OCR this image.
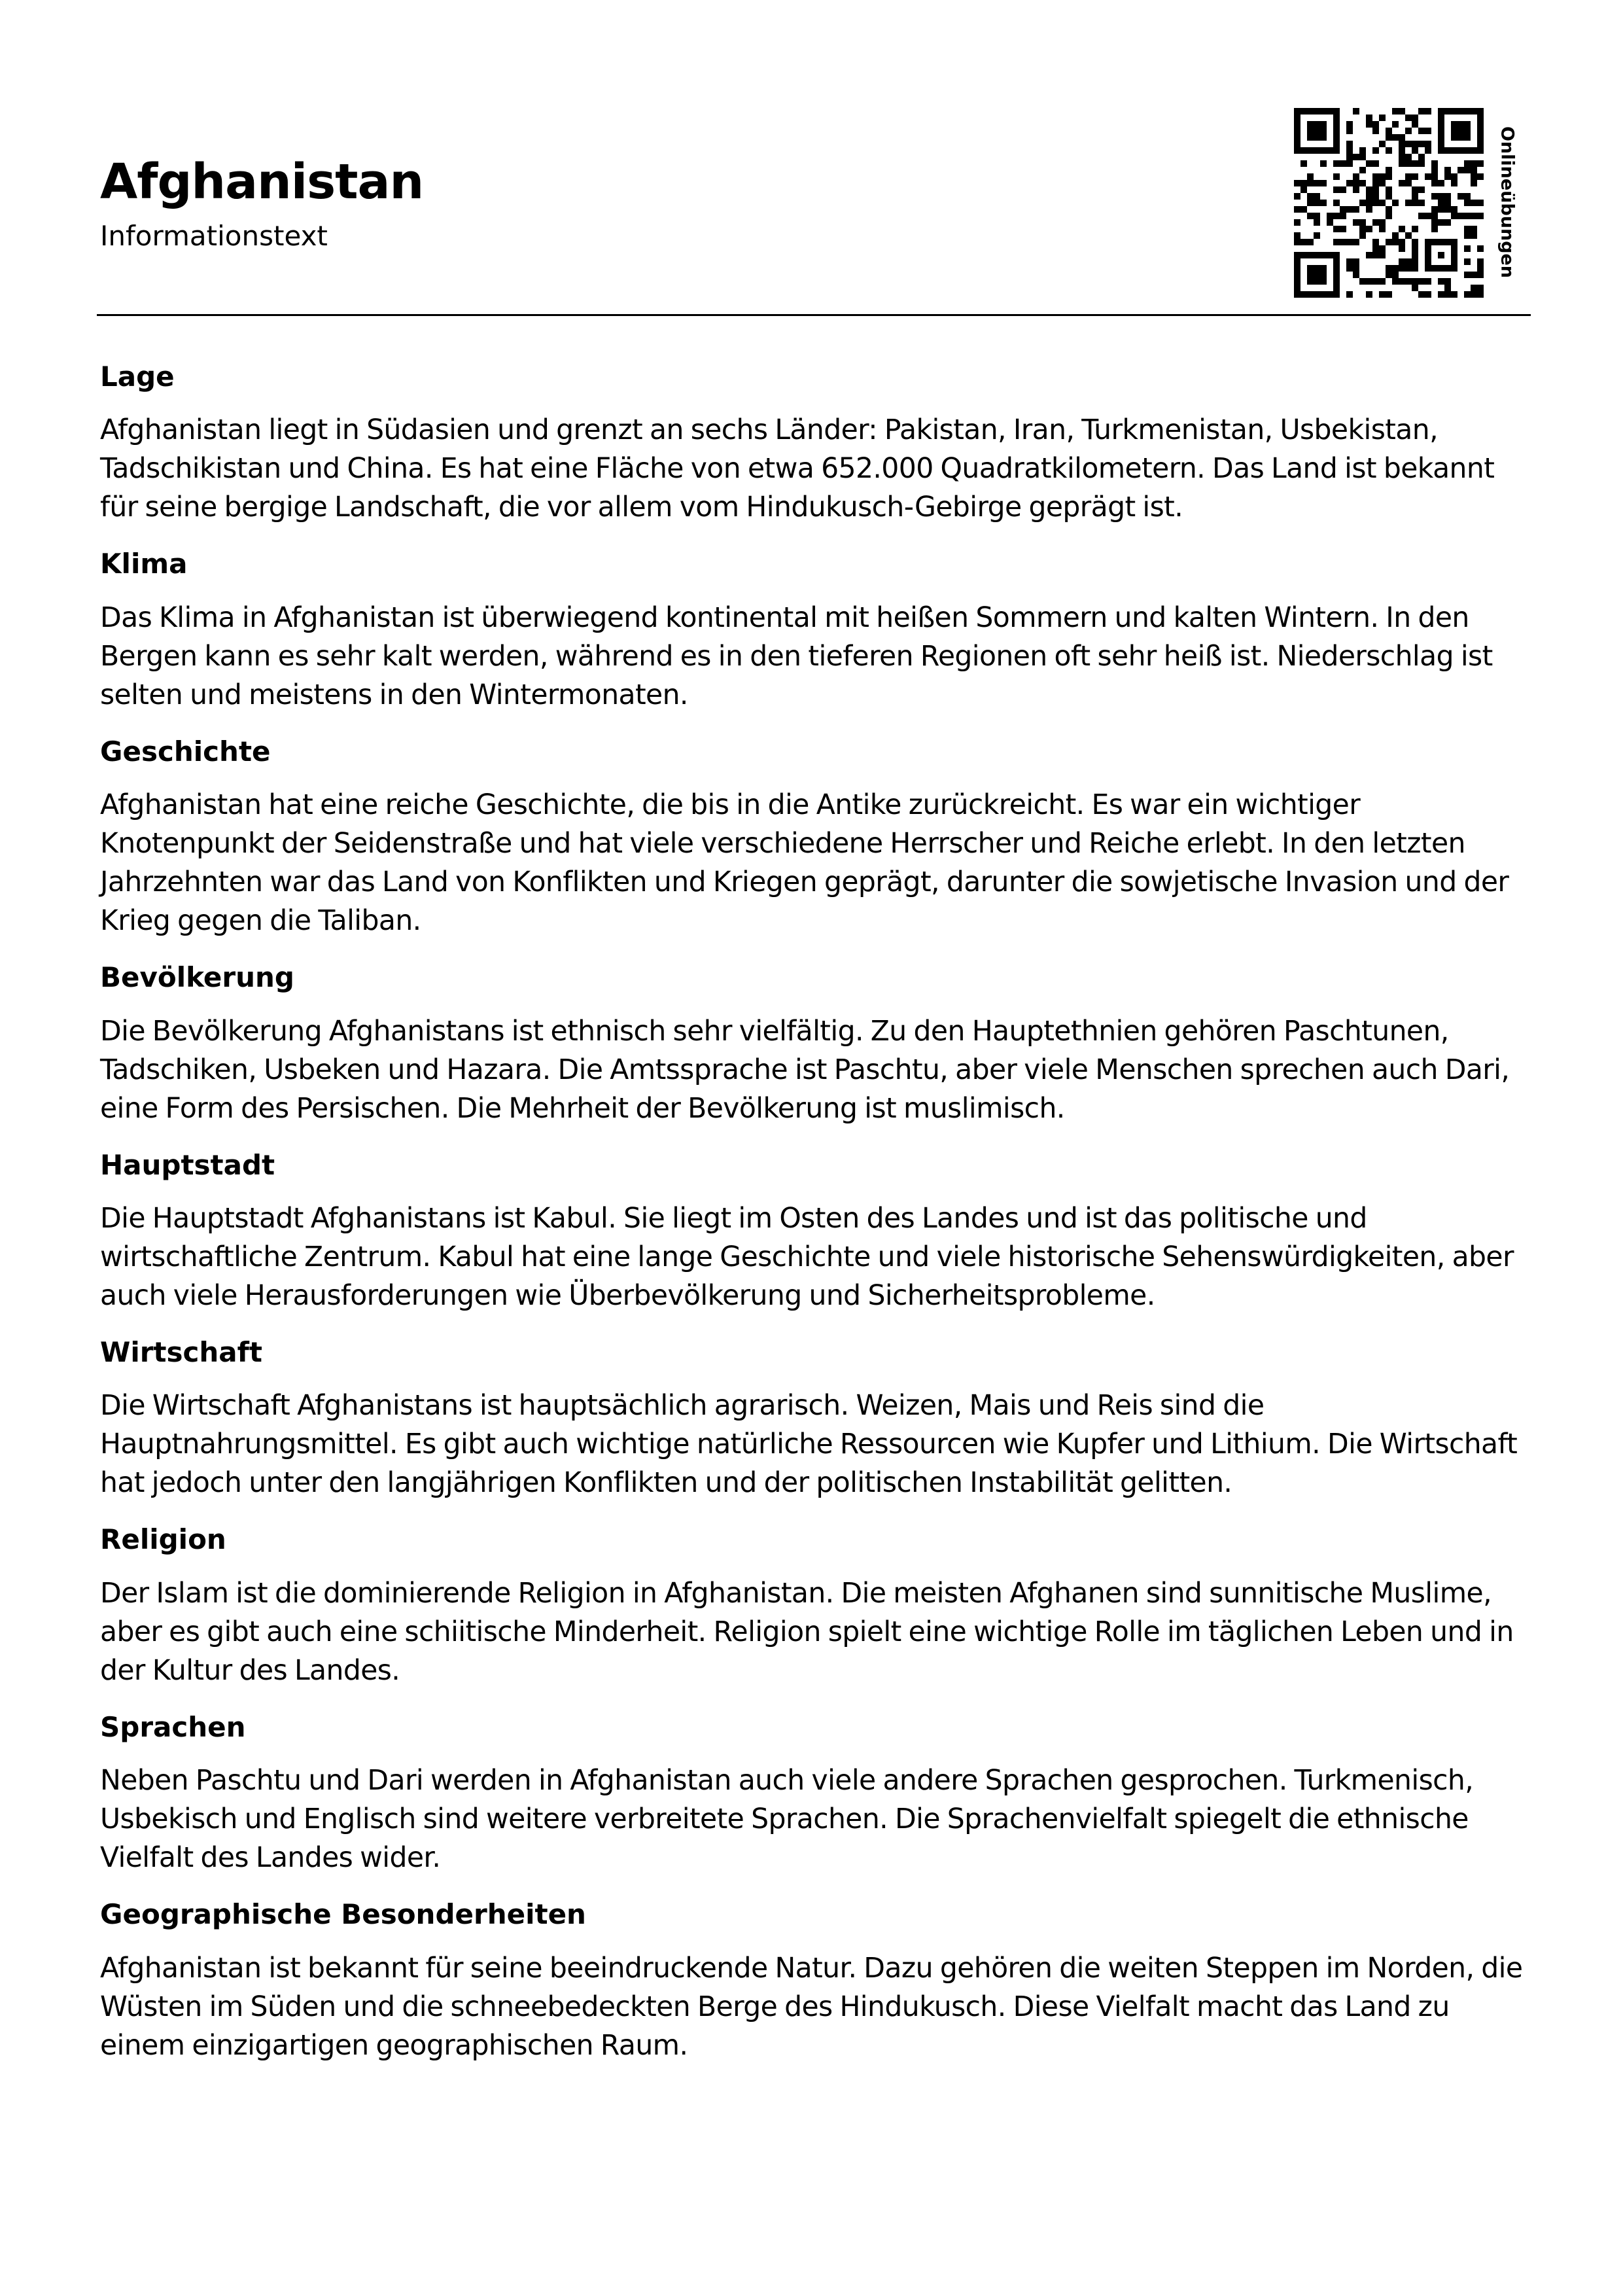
Afghanistan
Informationstext	Onlineübungen
Lage

Afghanistan liegt in Südasien und grenzt an sechs Länder: Pakistan, Iran, Turkmenistan, Usbekistan, Tadschikistan und China. Es hat eine Fläche von etwa 652.000 Quadratkilometern. Das Land ist bekannt für seine bergige Landschaft, die vor allem vom Hindukusch-Gebirge geprägt ist.

Klima

Das Klima in Afghanistan ist überwiegend kontinental mit heißen Sommern und kalten Wintern. In den Bergen kann es sehr kalt werden, während es in den tieferen Regionen oft sehr heiß ist. Niederschlag ist selten und meistens in den Wintermonaten.

Geschichte

Afghanistan hat eine reiche Geschichte, die bis in die Antike zurückreicht. Es war ein wichtiger Knotenpunkt der Seidenstraße und hat viele verschiedene Herrscher und Reiche erlebt. In den letzten Jahrzehnten war das Land von Konflikten und Kriegen geprägt, darunter die sowjetische Invasion und der Krieg gegen die Taliban.

Bevölkerung

Die Bevölkerung Afghanistans ist ethnisch sehr vielfältig. Zu den Hauptethnien gehören Paschtunen, Tadschiken, Usbeken und Hazara. Die Amtssprache ist Paschtu, aber viele Menschen sprechen auch Dari, eine Form des Persischen. Die Mehrheit der Bevölkerung ist muslimisch.

Hauptstadt

Die Hauptstadt Afghanistans ist Kabul. Sie liegt im Osten des Landes und ist das politische und wirtschaftliche Zentrum. Kabul hat eine lange Geschichte und viele historische Sehenswürdigkeiten, aber auch viele Herausforderungen wie Überbevölkerung und Sicherheitsprobleme.

Wirtschaft

Die Wirtschaft Afghanistans ist hauptsächlich agrarisch. Weizen, Mais und Reis sind die Hauptnahrungsmittel. Es gibt auch wichtige natürliche Ressourcen wie Kupfer und Lithium. Die Wirtschaft hat jedoch unter den langjährigen Konflikten und der politischen Instabilität gelitten.

Religion

Der Islam ist die dominierende Religion in Afghanistan. Die meisten Afghanen sind sunnitische Muslime, aber es gibt auch eine schiitische Minderheit. Religion spielt eine wichtige Rolle im täglichen Leben und in der Kultur des Landes.

Sprachen

Neben Paschtu und Dari werden in Afghanistan auch viele andere Sprachen gesprochen. Turkmenisch, Usbekisch und Englisch sind weitere verbreitete Sprachen. Die Sprachenvielfalt spiegelt die ethnische Vielfalt des Landes wider.

Geographische Besonderheiten

Afghanistan ist bekannt für seine beeindruckende Natur. Dazu gehören die weiten Steppen im Norden, die Wüsten im Süden und die schneebedeckten Berge des Hindukusch. Diese Vielfalt macht das Land zu einem einzigartigen geographischen Raum.
